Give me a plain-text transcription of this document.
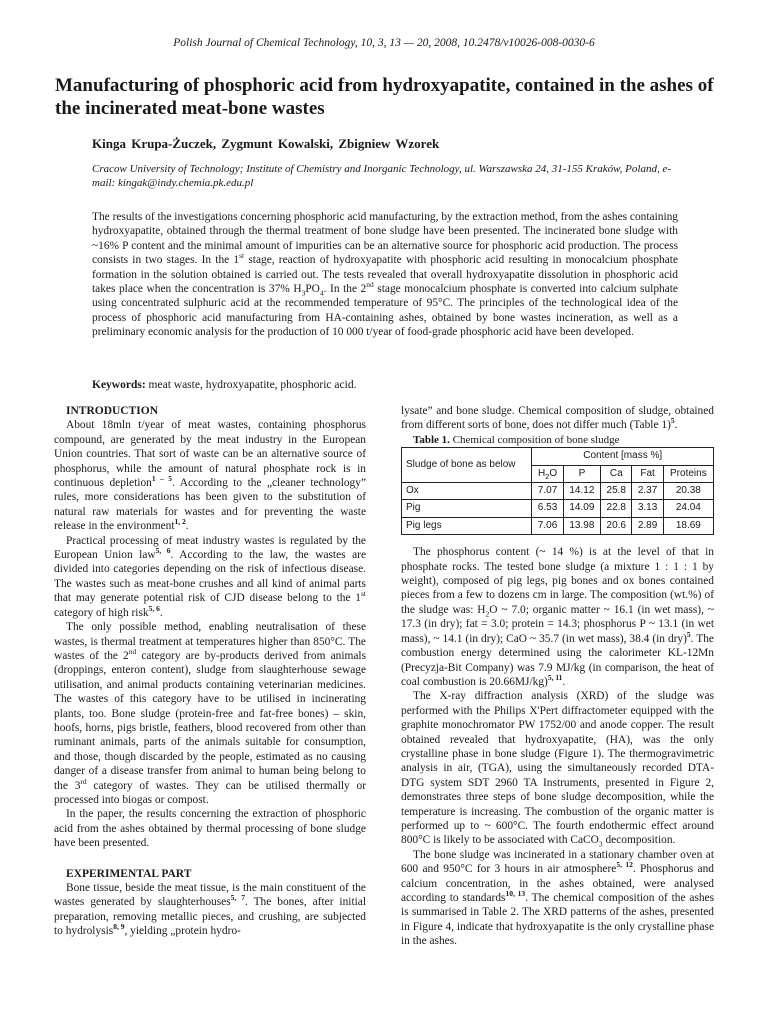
Polish Journal of Chemical Technology, 10, 3, 13 — 20, 2008, 10.2478/v10026-008-0030-6
Manufacturing of phosphoric acid from hydroxyapatite, contained in the ashes of the incinerated meat-bone wastes
Kinga Krupa-Żuczek, Zygmunt Kowalski, Zbigniew Wzorek
Cracow University of Technology; Institute of Chemistry and Inorganic Technology, ul. Warszawska 24, 31-155 Kraków, Poland, e-mail: kingak@indy.chemia.pk.edu.pl
The results of the investigations concerning phosphoric acid manufacturing, by the extraction method, from the ashes containing hydroxyapatite, obtained through the thermal treatment of bone sludge have been presented. The incinerated bone sludge with ~16% P content and the minimal amount of impurities can be an alternative source for phosphoric acid production. The process consists in two stages. In the 1st stage, reaction of hydroxyapatite with phosphoric acid resulting in monocalcium phosphate formation in the solution obtained is carried out. The tests revealed that overall hydroxyapatite dissolution in phosphoric acid takes place when the concentration is 37% $H_3PO_4$. In the 2nd stage monocalcium phosphate is converted into calcium sulphate using concentrated sulphuric acid at the recommended temperature of 95°C. The principles of the technological idea of the process of phosphoric acid manufacturing from HA-containing ashes, obtained by bone wastes incineration, as well as a preliminary economic analysis for the production of 10 000 t/year of food-grade phosphoric acid have been developed.
Keywords: meat waste, hydroxyapatite, phosphoric acid.

INTRODUCTION

About 18mln t/year of meat wastes, containing phosphorus compound, are generated by the meat industry in the European Union countries. That sort of waste can be an alternative source of phosphorus, while the amount of natural phosphate rock is in continuous depletion$^{1 - 5}$. According to the „cleaner technology” rules, more considerations has been given to the substitution of natural raw materials for wastes and for preventing the waste release in the environment$^{1, 2}$.

Practical processing of meat industry wastes is regulated by the European Union law$^{5, 6}$. According to the law, the wastes are divided into categories depending on the risk of infectious disease. The wastes such as meat-bone crushes and all kind of animal parts that may generate potential risk of CJD disease belong to the 1st category of high risk$^{5, 6}$.

The only possible method, enabling neutralisation of these wastes, is thermal treatment at temperatures higher than 850°C. The wastes of the 2nd category are by-products derived from animals (droppings, enteron content), sludge from slaughterhouse sewage utilisation, and animal products containing veterinarian medicines. The wastes of this category have to be utilised in incinerating plants, too. Bone sludge (protein-free and fat-free bones) – skin, hoofs, horns, pigs bristle, feathers, blood recovered from other than ruminant animals, parts of the animals suitable for consumption, and those, though discarded by the people, estimated as no causing danger of a disease transfer from animal to human being belong to the 3rd category of wastes. They can be utilised thermally or processed into biogas or compost.

In the paper, the results concerning the extraction of phosphoric acid from the ashes obtained by thermal processing of bone sludge have been presented.

EXPERIMENTAL PART

Bone tissue, beside the meat tissue, is the main constituent of the wastes generated by slaughterhouses$^{5, 7}$. The bones, after initial preparation, removing metallic pieces, and crushing, are subjected to hydrolysis$^{8, 9}$, yielding „protein hydro-

lysate” and bone sludge. Chemical composition of sludge, obtained from different sorts of bone, does not differ much (Table 1)$^5$.

Table 1. Chemical composition of bone sludge

Sludge of bone as below	Content [mass %]				
	$H_2O$	P	Ca	Fat	Proteins
Ox	7.07	14.12	25.8	2.37	20.38
Pig	6.53	14.09	22.8	3.13	24.04
Pig legs	7.06	13.98	20.6	2.89	18.69

The phosphorus content (~ 14 %) is at the level of that in phosphate rocks. The tested bone sludge (a mixture 1 : 1 : 1 by weight), composed of pig legs, pig bones and ox bones contained pieces from a few to dozens cm in large. The composition (wt.%) of the sludge was: $H_2O$ ~ 7.0; organic matter ~ 16.1 (in wet mass), ~ 17.3 (in dry); fat = 3.0; protein = 14.3; phosphorus P ~ 13.1 (in wet mass), ~ 14.1 (in dry); CaO ~ 35.7 (in wet mass), 38.4 (in dry)$^5$. The combustion energy determined using the calorimeter KL-12Mn (Precyzja-Bit Company) was 7.9 MJ/kg (in comparison, the heat of coal combustion is 20.66MJ/kg)$^{5, 11}$.

The X-ray diffraction analysis (XRD) of the sludge was performed with the Philips X'Pert diffractometer equipped with the graphite monochromator PW 1752/00 and anode copper. The result obtained revealed that hydroxyapatite, (HA), was the only crystalline phase in bone sludge (Figure 1). The thermogravimetric analysis in air, (TGA), using the simultaneously recorded DTA-DTG system SDT 2960 TA Instruments, presented in Figure 2, demonstrates three steps of bone sludge decomposition, while the temperature is increasing. The combustion of the organic matter is performed up to ~ 600°C. The fourth endothermic effect around 800°C is likely to be associated with CaCO$_3$ decomposition.

The bone sludge was incinerated in a stationary chamber oven at 600 and 950°C for 3 hours in air atmosphere$^{5, 12}$. Phosphorus and calcium concentration, in the ashes obtained, were analysed according to standards$^{10, 13}$. The chemical composition of the ashes is summarised in Table 2. The XRD patterns of the ashes, presented in Figure 4, indicate that hydroxyapatite is the only crystalline phase in the ashes.
